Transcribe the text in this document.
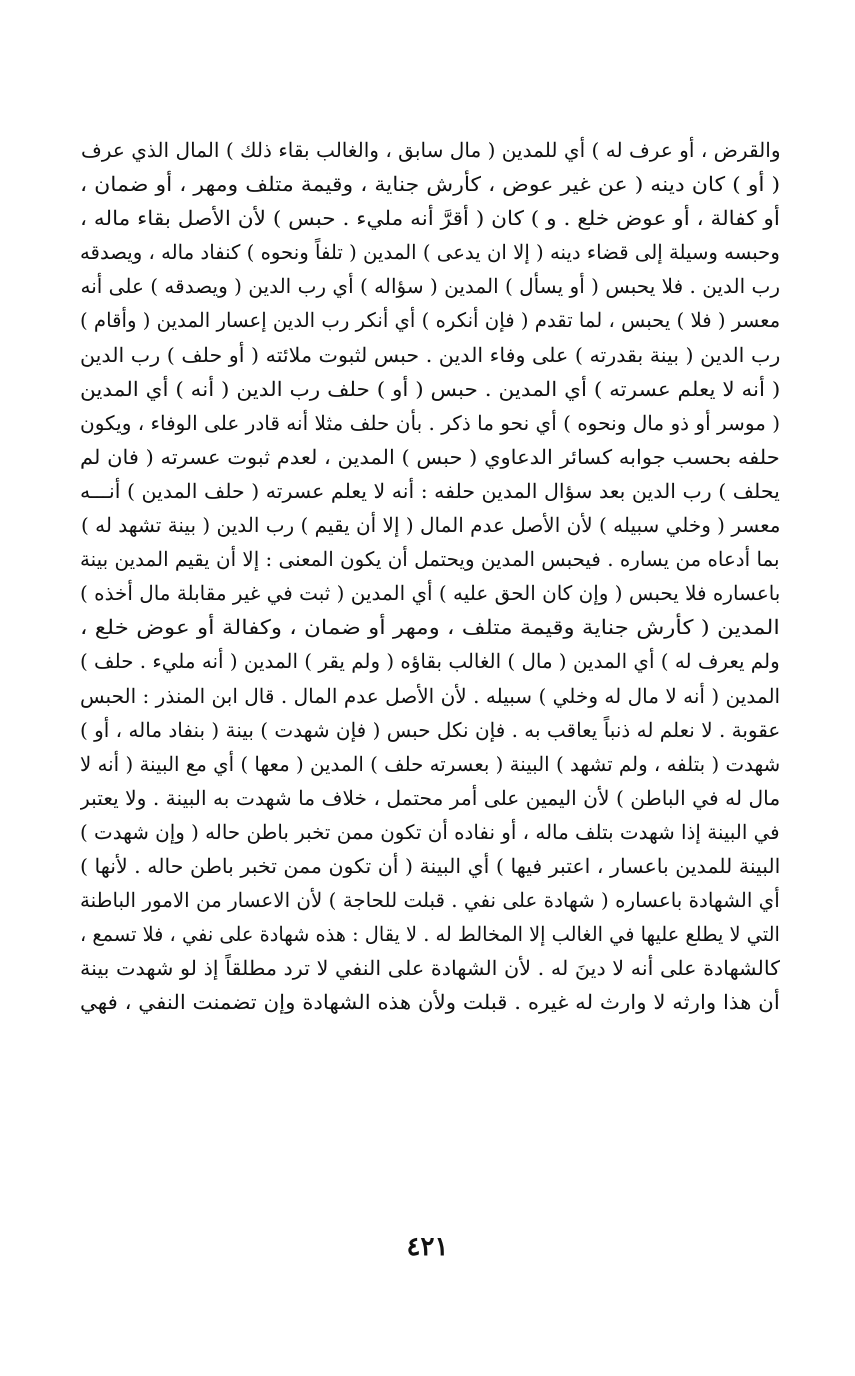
والقرض ، أو عرف له ) أي للمدين ( مال سابق ، والغالب بقاء ذلك ) المال الذي عرف
( أو ) كان دينه ( عن غير عوض ، كأرش جناية ، وقيمة متلف ومهر ، أو ضمان ،
أو كفالة ، أو عوض خلع . و ) كان ( أقرَّ أنه مليء . حبس ) لأن الأصل بقاء ماله ،
وحبسه وسيلة إلى قضاء دينه ( إلا ان يدعى ) المدين ( تلفاً ونحوه ) كنفاد ماله ، ويصدقه
رب الدين . فلا يحبس ( أو يسأل ) المدين ( سؤاله ) أي رب الدين ( ويصدقه ) على أنه
معسر ( فلا ) يحبس ، لما تقدم ( فإن أنكره ) أي أنكر رب الدين إعسار المدين ( وأقام )
رب الدين ( بينة بقدرته ) على وفاء الدين . حبس لثبوت ملائته ( أو حلف ) رب الدين
( أنه لا يعلم عسرته ) أي المدين . حبس ( أو ) حلف رب الدين ( أنه ) أي المدين
( موسر أو ذو مال ونحوه ) أي نحو ما ذكر . بأن حلف مثلا أنه قادر على الوفاء ، ويكون
حلفه بحسب جوابه كسائر الدعاوي ( حبس ) المدين ، لعدم ثبوت عسرته ( فان لم
يحلف ) رب الدين بعد سؤال المدين حلفه : أنه لا يعلم عسرته ( حلف المدين ) أنـــه
معسر ( وخلي سبيله ) لأن الأصل عدم المال ( إلا أن يقيم ) رب الدين ( بينة تشهد له )
بما أدعاه من يساره . فيحبس المدين ويحتمل أن يكون المعنى : إلا أن يقيم المدين بينة
باعساره فلا يحبس ( وإن كان الحق عليه ) أي المدين ( ثبت في غير مقابلة مال أخذه )
المدين ( كأرش جناية وقيمة متلف ، ومهر أو ضمان ، وكفالة أو عوض خلع ،
ولم يعرف له ) أي المدين ( مال ) الغالب بقاؤه ( ولم يقر ) المدين ( أنه مليء . حلف )
المدين ( أنه لا مال له وخلي ) سبيله . لأن الأصل عدم المال . قال ابن المنذر : الحبس
عقوبة . لا نعلم له ذنباً يعاقب به . فإن نكل حبس ( فإن شهدت ) بينة ( بنفاد ماله ، أو )
شهدت ( بتلفه ، ولم تشهد ) البينة ( بعسرته حلف ) المدين ( معها ) أي مع البينة ( أنه لا
مال له في الباطن ) لأن اليمين على أمر محتمل ، خلاف ما شهدت به البينة . ولا يعتبر
في البينة إذا شهدت بتلف ماله ، أو نفاده أن تكون ممن تخبر باطن حاله ( وإن شهدت )
البينة للمدين باعسار ، اعتبر فيها ) أي البينة ( أن تكون ممن تخبر باطن حاله . لأنها )
أي الشهادة باعساره ( شهادة على نفي . قبلت للحاجة ) لأن الاعسار من الامور الباطنة
التي لا يطلع عليها في الغالب إلا المخالط له . لا يقال : هذه شهادة على نفي ، فلا تسمع ،
كالشهادة على أنه لا دينَ له . لأن الشهادة على النفي لا ترد مطلقاً إذ لو شهدت بينة
أن هذا وارثه لا وارث له غيره . قبلت ولأن هذه الشهادة وإن تضمنت النفي ، فهي
٤٢١
